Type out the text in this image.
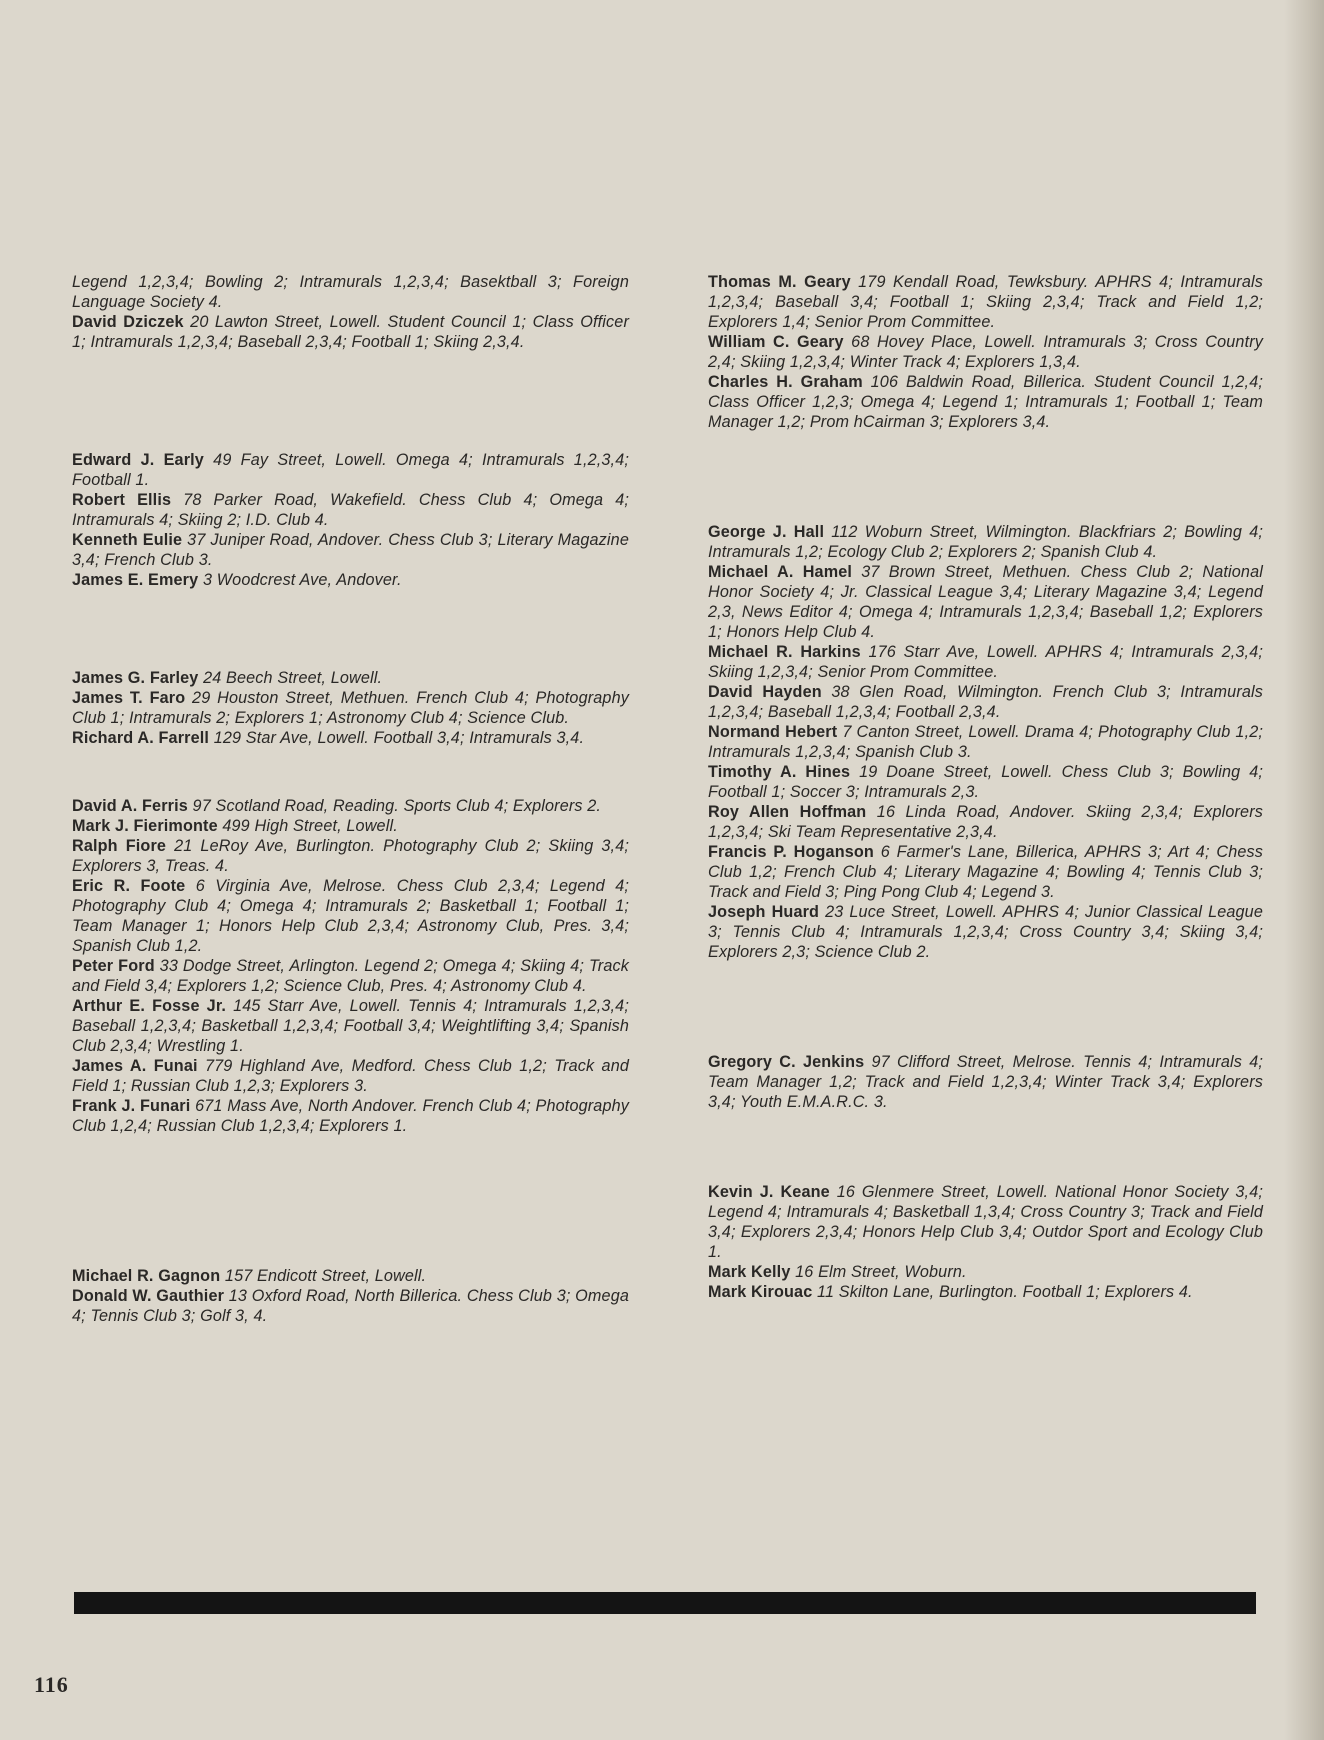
Legend 1,2,3,4; Bowling 2; Intramurals 1,2,3,4; Basektball 3; Foreign Language Society 4.
David Dziczek 20 Lawton Street, Lowell. Student Council 1; Class Officer 1; Intramurals 1,2,3,4; Baseball 2,3,4; Football 1; Skiing 2,3,4.
Edward J. Early 49 Fay Street, Lowell. Omega 4; Intramurals 1,2,3,4; Football 1.
Robert Ellis 78 Parker Road, Wakefield. Chess Club 4; Omega 4; Intramurals 4; Skiing 2; I.D. Club 4.
Kenneth Eulie 37 Juniper Road, Andover. Chess Club 3; Literary Magazine 3,4; French Club 3.
James E. Emery 3 Woodcrest Ave, Andover.
James G. Farley 24 Beech Street, Lowell.
James T. Faro 29 Houston Street, Methuen. French Club 4; Photography Club 1; Intramurals 2; Explorers 1; Astronomy Club 4; Science Club.
Richard A. Farrell 129 Star Ave, Lowell. Football 3,4; Intramurals 3,4.
David A. Ferris 97 Scotland Road, Reading. Sports Club 4; Explorers 2.
Mark J. Fierimonte 499 High Street, Lowell.
Ralph Fiore 21 LeRoy Ave, Burlington. Photography Club 2; Skiing 3,4; Explorers 3, Treas. 4.
Eric R. Foote 6 Virginia Ave, Melrose. Chess Club 2,3,4; Legend 4; Photography Club 4; Omega 4; Intramurals 2; Basketball 1; Football 1; Team Manager 1; Honors Help Club 2,3,4; Astronomy Club, Pres. 3,4; Spanish Club 1,2.
Peter Ford 33 Dodge Street, Arlington. Legend 2; Omega 4; Skiing 4; Track and Field 3,4; Explorers 1,2; Science Club, Pres. 4; Astronomy Club 4.
Arthur E. Fosse Jr. 145 Starr Ave, Lowell. Tennis 4; Intramurals 1,2,3,4; Baseball 1,2,3,4; Basketball 1,2,3,4; Football 3,4; Weightlifting 3,4; Spanish Club 2,3,4; Wrestling 1.
James A. Funai 779 Highland Ave, Medford. Chess Club 1,2; Track and Field 1; Russian Club 1,2,3; Explorers 3.
Frank J. Funari 671 Mass Ave, North Andover. French Club 4; Photography Club 1,2,4; Russian Club 1,2,3,4; Explorers 1.
Michael R. Gagnon 157 Endicott Street, Lowell.
Donald W. Gauthier 13 Oxford Road, North Billerica. Chess Club 3; Omega 4; Tennis Club 3; Golf 3, 4.
Thomas M. Geary 179 Kendall Road, Tewksbury. APHRS 4; Intramurals 1,2,3,4; Baseball 3,4; Football 1; Skiing 2,3,4; Track and Field 1,2; Explorers 1,4; Senior Prom Committee.
William C. Geary 68 Hovey Place, Lowell. Intramurals 3; Cross Country 2,4; Skiing 1,2,3,4; Winter Track 4; Explorers 1,3,4.
Charles H. Graham 106 Baldwin Road, Billerica. Student Council 1,2,4; Class Officer 1,2,3; Omega 4; Legend 1; Intramurals 1; Football 1; Team Manager 1,2; Prom hCairman 3; Explorers 3,4.
George J. Hall 112 Woburn Street, Wilmington. Blackfriars 2; Bowling 4; Intramurals 1,2; Ecology Club 2; Explorers 2; Spanish Club 4.
Michael A. Hamel 37 Brown Street, Methuen. Chess Club 2; National Honor Society 4; Jr. Classical League 3,4; Literary Magazine 3,4; Legend 2,3, News Editor 4; Omega 4; Intramurals 1,2,3,4; Baseball 1,2; Explorers 1; Honors Help Club 4.
Michael R. Harkins 176 Starr Ave, Lowell. APHRS 4; Intramurals 2,3,4; Skiing 1,2,3,4; Senior Prom Committee.
David Hayden 38 Glen Road, Wilmington. French Club 3; Intramurals 1,2,3,4; Baseball 1,2,3,4; Football 2,3,4.
Normand Hebert 7 Canton Street, Lowell. Drama 4; Photography Club 1,2; Intramurals 1,2,3,4; Spanish Club 3.
Timothy A. Hines 19 Doane Street, Lowell. Chess Club 3; Bowling 4; Football 1; Soccer 3; Intramurals 2,3.
Roy Allen Hoffman 16 Linda Road, Andover. Skiing 2,3,4; Explorers 1,2,3,4; Ski Team Representative 2,3,4.
Francis P. Hoganson 6 Farmer's Lane, Billerica, APHRS 3; Art 4; Chess Club 1,2; French Club 4; Literary Magazine 4; Bowling 4; Tennis Club 3; Track and Field 3; Ping Pong Club 4; Legend 3.
Joseph Huard 23 Luce Street, Lowell. APHRS 4; Junior Classical League 3; Tennis Club 4; Intramurals 1,2,3,4; Cross Country 3,4; Skiing 3,4; Explorers 2,3; Science Club 2.
Gregory C. Jenkins 97 Clifford Street, Melrose. Tennis 4; Intramurals 4; Team Manager 1,2; Track and Field 1,2,3,4; Winter Track 3,4; Explorers 3,4; Youth E.M.A.R.C. 3.
Kevin J. Keane 16 Glenmere Street, Lowell. National Honor Society 3,4; Legend 4; Intramurals 4; Basketball 1,3,4; Cross Country 3; Track and Field 3,4; Explorers 2,3,4; Honors Help Club 3,4; Outdor Sport and Ecology Club 1.
Mark Kelly 16 Elm Street, Woburn.
Mark Kirouac 11 Skilton Lane, Burlington. Football 1; Explorers 4.
116
